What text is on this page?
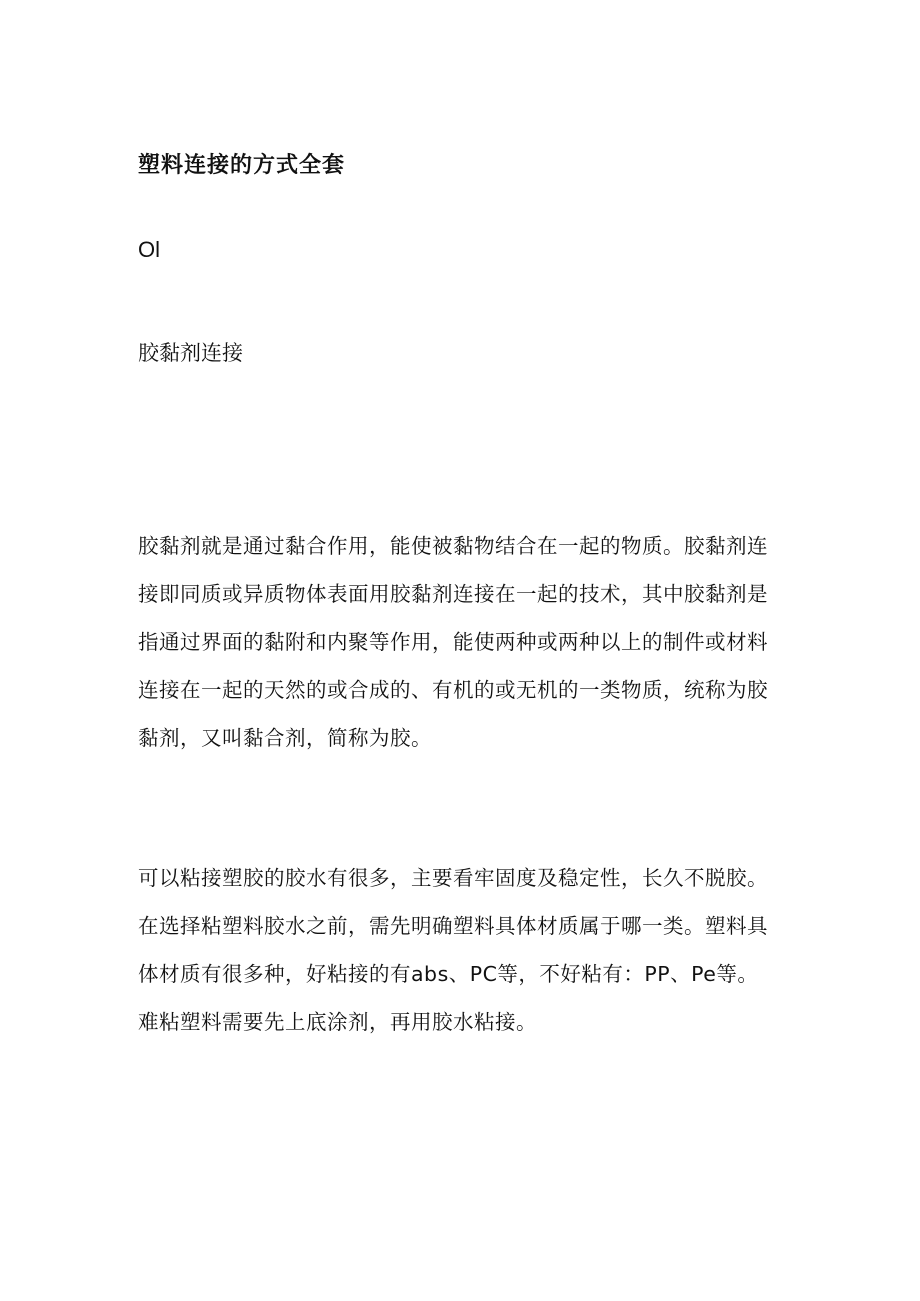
塑料连接的方式全套
Ol
胶黏剂连接
胶黏剂就是通过黏合作用，能使被黏物结合在一起的物质。胶黏剂连
接即同质或异质物体表面用胶黏剂连接在一起的技术，其中胶黏剂是
指通过界面的黏附和内聚等作用，能使两种或两种以上的制件或材料
连接在一起的天然的或合成的、有机的或无机的一类物质，统称为胶
黏剂，又叫黏合剂，简称为胶。
可以粘接塑胶的胶水有很多，主要看牢固度及稳定性，长久不脱胶。
在选择粘塑料胶水之前，需先明确塑料具体材质属于哪一类。塑料具
体材质有很多种，好粘接的有abs、PC等，不好粘有：PP、Pe等。
难粘塑料需要先上底涂剂，再用胶水粘接。
